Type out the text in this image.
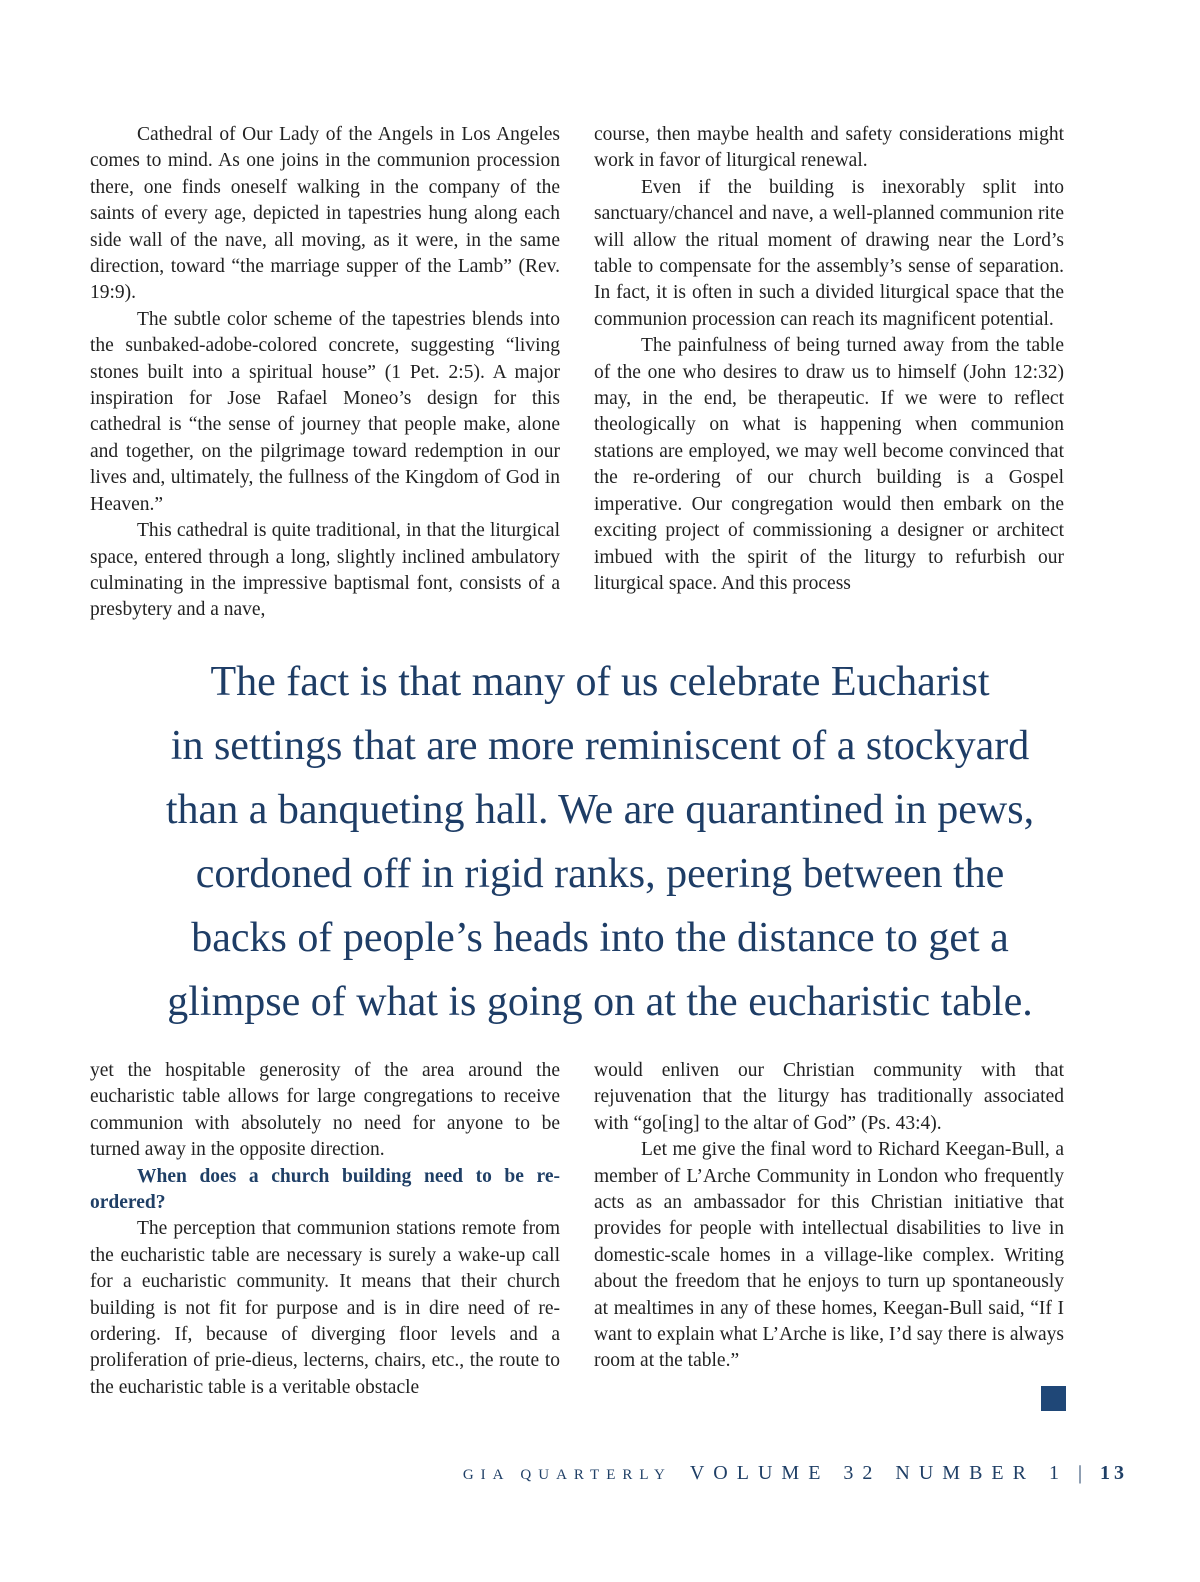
Cathedral of Our Lady of the Angels in Los Angeles comes to mind. As one joins in the communion procession there, one finds oneself walking in the company of the saints of every age, depicted in tapestries hung along each side wall of the nave, all moving, as it were, in the same direction, toward “the marriage supper of the Lamb” (Rev. 19:9).

The subtle color scheme of the tapestries blends into the sunbaked-adobe-colored concrete, suggesting “living stones built into a spiritual house” (1 Pet. 2:5). A major inspiration for Jose Rafael Moneo’s design for this cathedral is “the sense of journey that people make, alone and together, on the pilgrimage toward redemption in our lives and, ultimately, the fullness of the Kingdom of God in Heaven.”

This cathedral is quite traditional, in that the liturgical space, entered through a long, slightly inclined ambulatory culminating in the impressive baptismal font, consists of a presbytery and a nave,

course, then maybe health and safety considerations might work in favor of liturgical renewal.

Even if the building is inexorably split into sanctuary/chancel and nave, a well-planned communion rite will allow the ritual moment of drawing near the Lord’s table to compensate for the assembly’s sense of separation. In fact, it is often in such a divided liturgical space that the communion procession can reach its magnificent potential.

The painfulness of being turned away from the table of the one who desires to draw us to himself (John 12:32) may, in the end, be therapeutic. If we were to reflect theologically on what is happening when communion stations are employed, we may well become convinced that the re-ordering of our church building is a Gospel imperative. Our congregation would then embark on the exciting project of commissioning a designer or architect imbued with the spirit of the liturgy to refurbish our liturgical space. And this process

The fact is that many of us celebrate Eucharist
in settings that are more reminiscent of a stockyard
than a banqueting hall. We are quarantined in pews,
cordoned off in rigid ranks, peering between the
backs of people’s heads into the distance to get a
glimpse of what is going on at the eucharistic table.

yet the hospitable generosity of the area around the eucharistic table allows for large congregations to receive communion with absolutely no need for anyone to be turned away in the opposite direction.

When does a church building need to be re-ordered?

The perception that communion stations remote from the eucharistic table are necessary is surely a wake-up call for a eucharistic community. It means that their church building is not fit for purpose and is in dire need of re-ordering. If, because of diverging floor levels and a proliferation of prie-dieus, lecterns, chairs, etc., the route to the eucharistic table is a veritable obstacle

would enliven our Christian community with that rejuvenation that the liturgy has traditionally associated with “go[ing] to the altar of God” (Ps. 43:4).

Let me give the final word to Richard Keegan-Bull, a member of L’Arche Community in London who frequently acts as an ambassador for this Christian initiative that provides for people with intellectual disabilities to live in domestic-scale homes in a village-like complex. Writing about the freedom that he enjoys to turn up spontaneously at mealtimes in any of these homes, Keegan-Bull said, “If I want to explain what L’Arche is like, I’d say there is always room at the table.”

GIA QUARTERLY VOLUME 32 NUMBER 1 | 13
